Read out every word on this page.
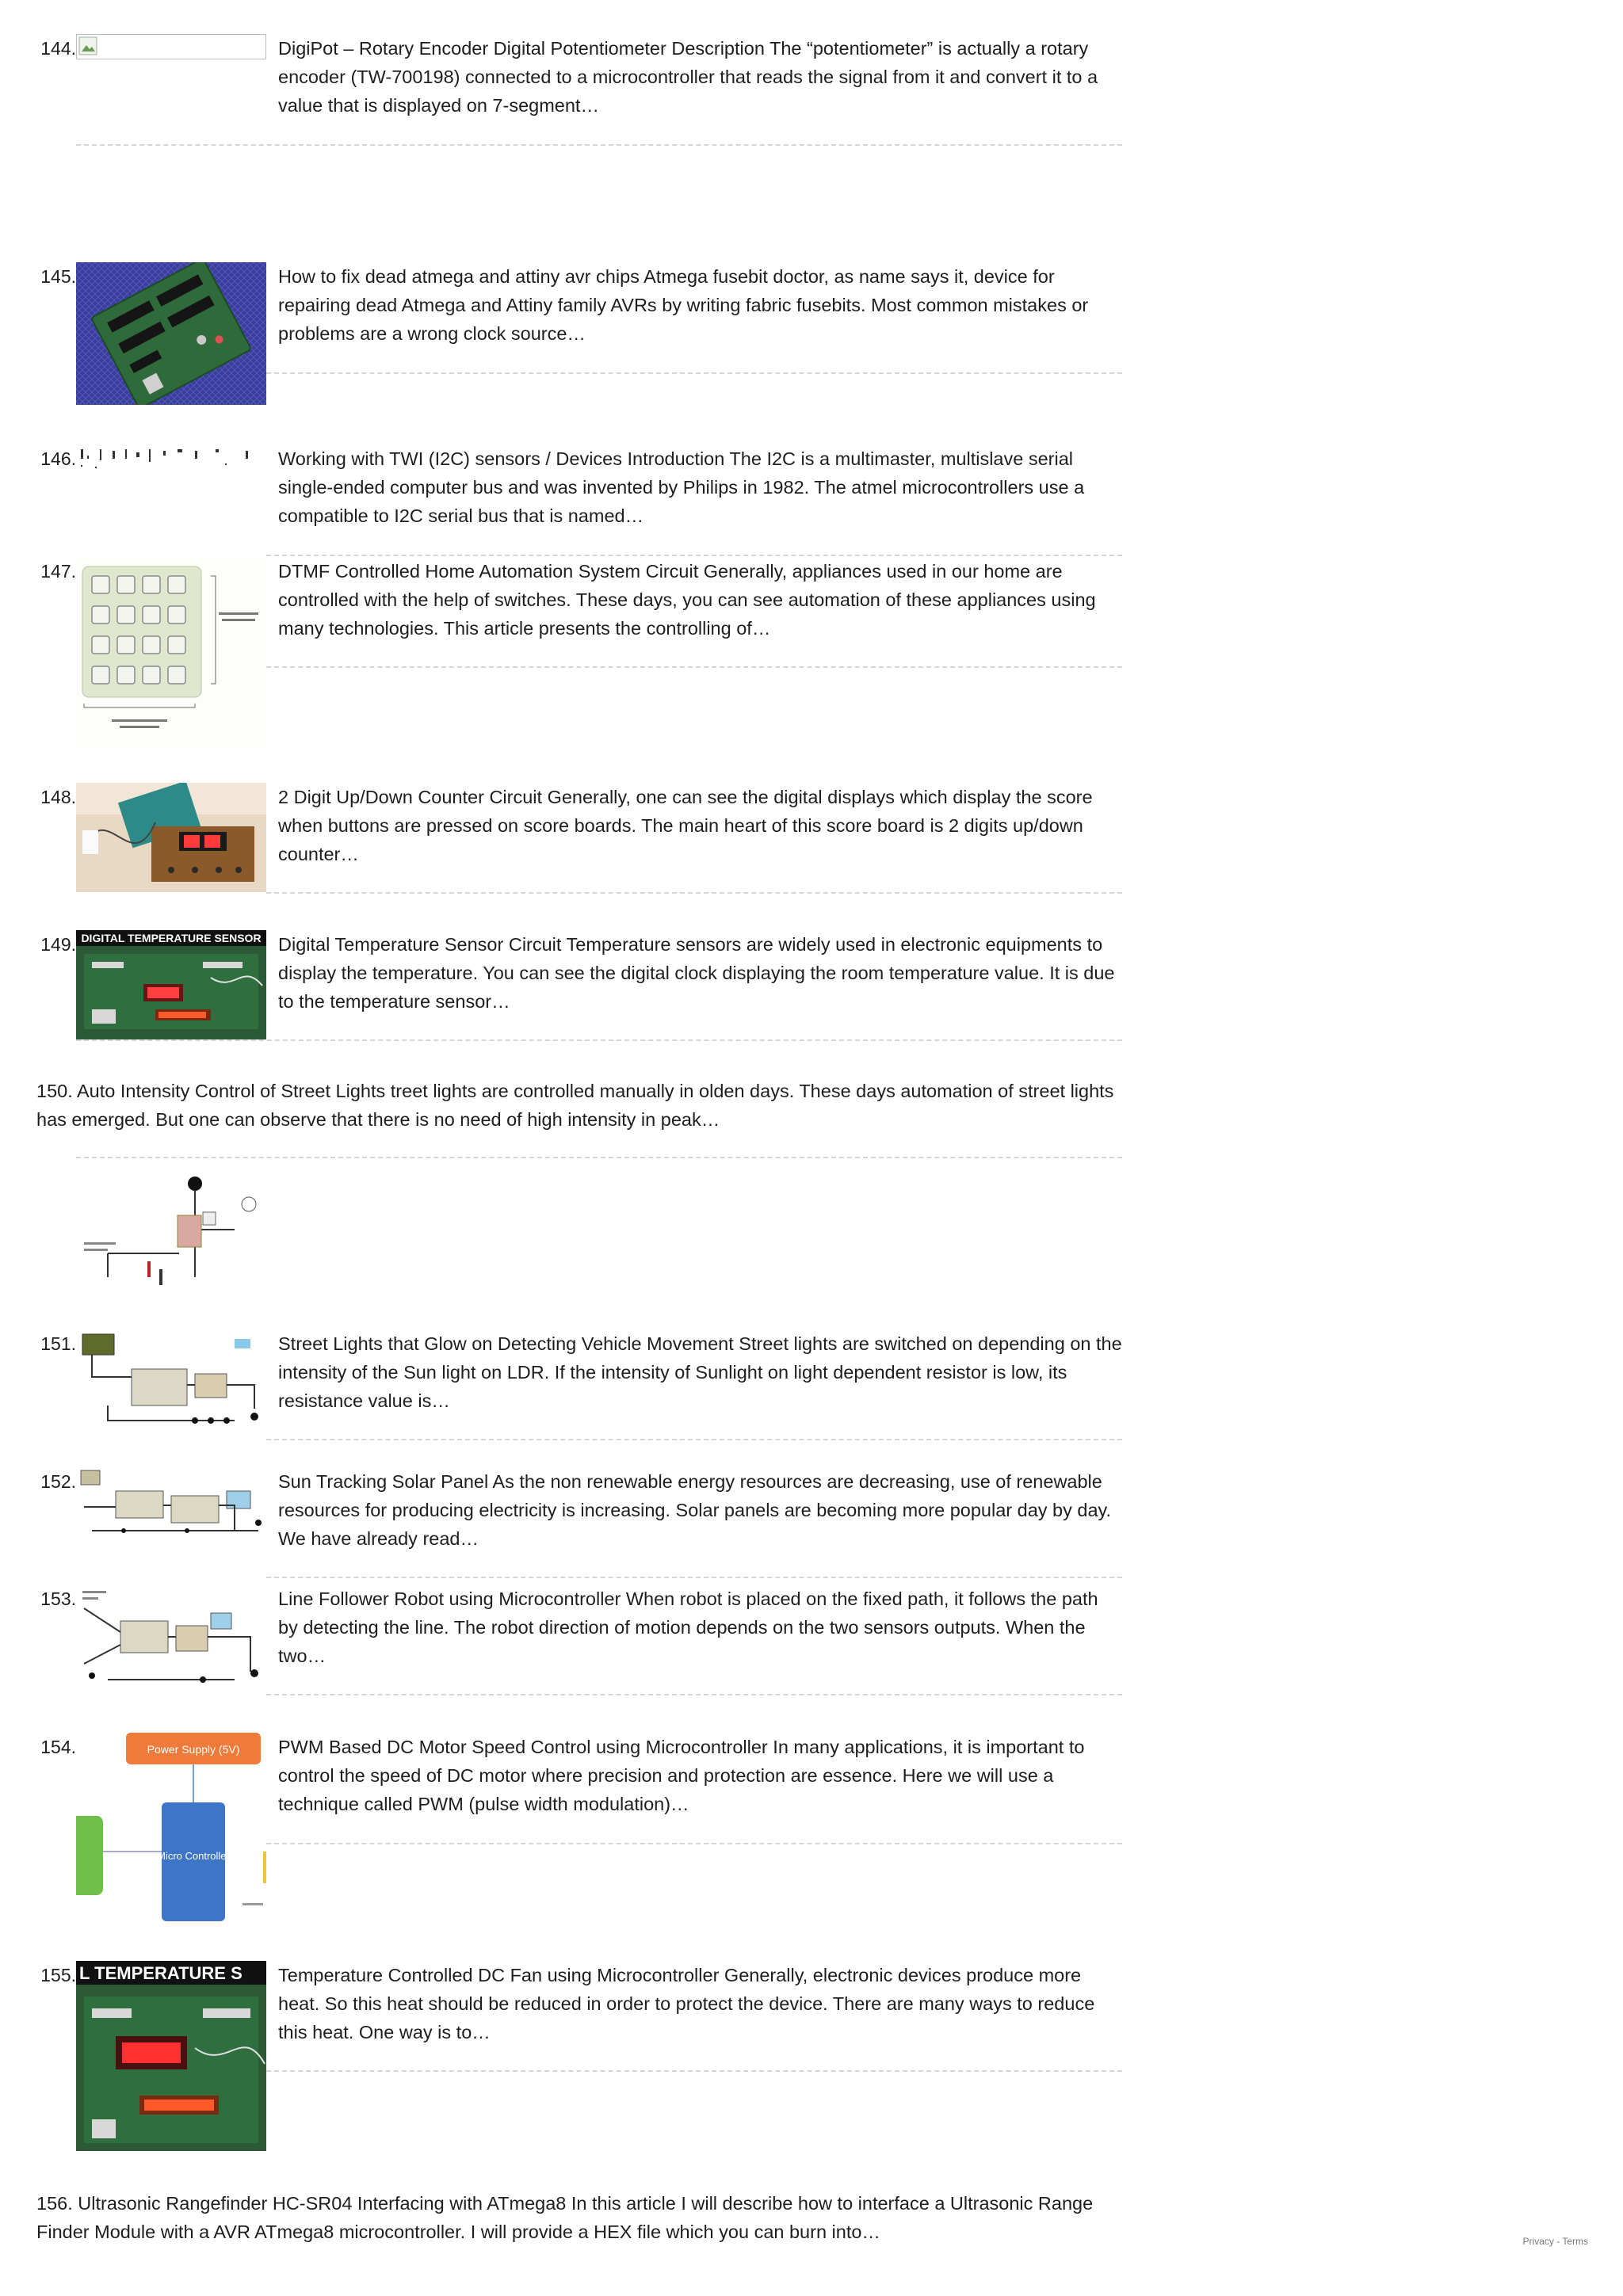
144.	DigiPot – Rotary Encoder Digital Potentiometer Description The “potentiometer” is actually a rotary encoder (TW-700198) connected to a microcontroller that reads the signal from it and convert it to a value that is displayed on 7-segment…

145.	How to fix dead atmega and attiny avr chips Atmega fusebit doctor, as name says it, device for repairing dead Atmega and Attiny family AVRs by writing fabric fusebits. Most common mistakes or problems are a wrong clock source…

146.	Working with TWI (I2C) sensors / Devices Introduction The I2C is a multimaster, multislave serial single-ended computer bus and was invented by Philips in 1982. The atmel microcontrollers use a compatible to I2C serial bus that is named…

147.	DTMF Controlled Home Automation System Circuit Generally, appliances used in our home are controlled with the help of switches. These days, you can see automation of these appliances using many technologies. This article presents the controlling of…

148.	2 Digit Up/Down Counter Circuit Generally, one can see the digital displays which display the score when buttons are pressed on score boards. The main heart of this score board is 2 digits up/down counter…

149. DIGITAL TEMPERATURE SENSOR Digital Temperature Sensor Circuit Temperature sensors are widely used in electronic equipments to display the temperature. You can see the digital clock displaying the room temperature value. It is due to the temperature sensor…

150. Auto Intensity Control of Street Lights treet lights are controlled manually in olden days. These days automation of street lights has emerged. But one can observe that there is no need of high intensity in peak…

151.	Street Lights that Glow on Detecting Vehicle Movement Street lights are switched on depending on the intensity of the Sun light on LDR. If the intensity of Sunlight on light dependent resistor is low, its resistance value is…

152.	Sun Tracking Solar Panel As the non renewable energy resources are decreasing, use of renewable resources for producing electricity is increasing. Solar panels are becoming more popular day by day. We have already read…

153.	Line Follower Robot using Microcontroller When robot is placed on the fixed path, it follows the path by detecting the line. The robot direction of motion depends on the two sensors outputs. When the two…

154.	Power Supply (5V)
Micro Controller

PWM Based DC Motor Speed Control using Microcontroller In many applications, it is important to control the speed of DC motor where precision and protection are essence. Here we will use a technique called PWM (pulse width modulation)…

155. L TEMPERATURE S Temperature Controlled DC Fan using Microcontroller Generally, electronic devices produce more heat. So this heat should be reduced in order to protect the device. There are many ways to reduce this heat. One way is to…

156. Ultrasonic Rangefinder HC-SR04 Interfacing with ATmega8 In this article I will describe how to interface a Ultrasonic Range Finder Module with a AVR ATmega8 microcontroller. I will provide a HEX file which you can burn into…	Privacy - Terms
